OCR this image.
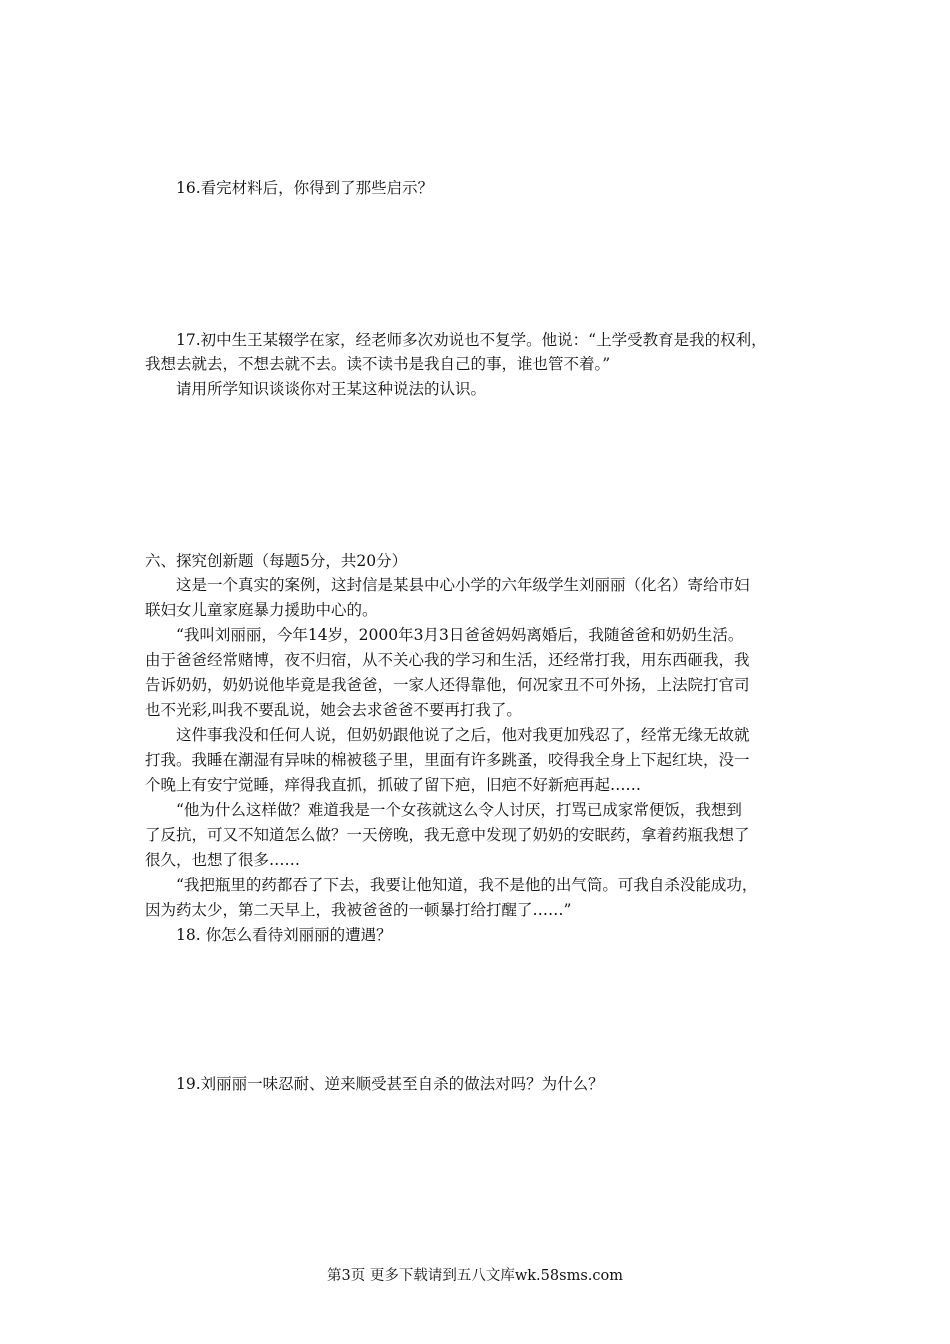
16.看完材料后，你得到了那些启示？

17.初中生王某辍学在家，经老师多次劝说也不复学。他说：“上学受教育是我的权利，

我想去就去，不想去就不去。读不读书是我自己的事，谁也管不着。”

请用所学知识谈谈你对王某这种说法的认识。

六、探究创新题（每题5分，共20分）

这是一个真实的案例，这封信是某县中心小学的六年级学生刘丽丽（化名）寄给市妇

联妇女儿童家庭暴力援助中心的。

“我叫刘丽丽，今年14岁，2000年3月3日爸爸妈妈离婚后，我随爸爸和奶奶生活。

由于爸爸经常赌博，夜不归宿，从不关心我的学习和生活，还经常打我，用东西砸我，我

告诉奶奶，奶奶说他毕竟是我爸爸，一家人还得靠他，何况家丑不可外扬，上法院打官司

也不光彩,叫我不要乱说，她会去求爸爸不要再打我了。

这件事我没和任何人说，但奶奶跟他说了之后，他对我更加残忍了，经常无缘无故就

打我。我睡在潮湿有异味的棉被毯子里，里面有许多跳蚤，咬得我全身上下起红块，没一

个晚上有安宁觉睡，痒得我直抓，抓破了留下疤，旧疤不好新疤再起……

“他为什么这样做？难道我是一个女孩就这么令人讨厌，打骂已成家常便饭，我想到

了反抗，可又不知道怎么做？一天傍晚，我无意中发现了奶奶的安眠药，拿着药瓶我想了

很久，也想了很多……

“我把瓶里的药都吞了下去，我要让他知道，我不是他的出气筒。可我自杀没能成功，

因为药太少，第二天早上，我被爸爸的一顿暴打给打醒了……”

18. 你怎么看待刘丽丽的遭遇？

19.刘丽丽一味忍耐、逆来顺受甚至自杀的做法对吗？为什么？

第3页 更多下载请到五八文库wk.58sms.com
